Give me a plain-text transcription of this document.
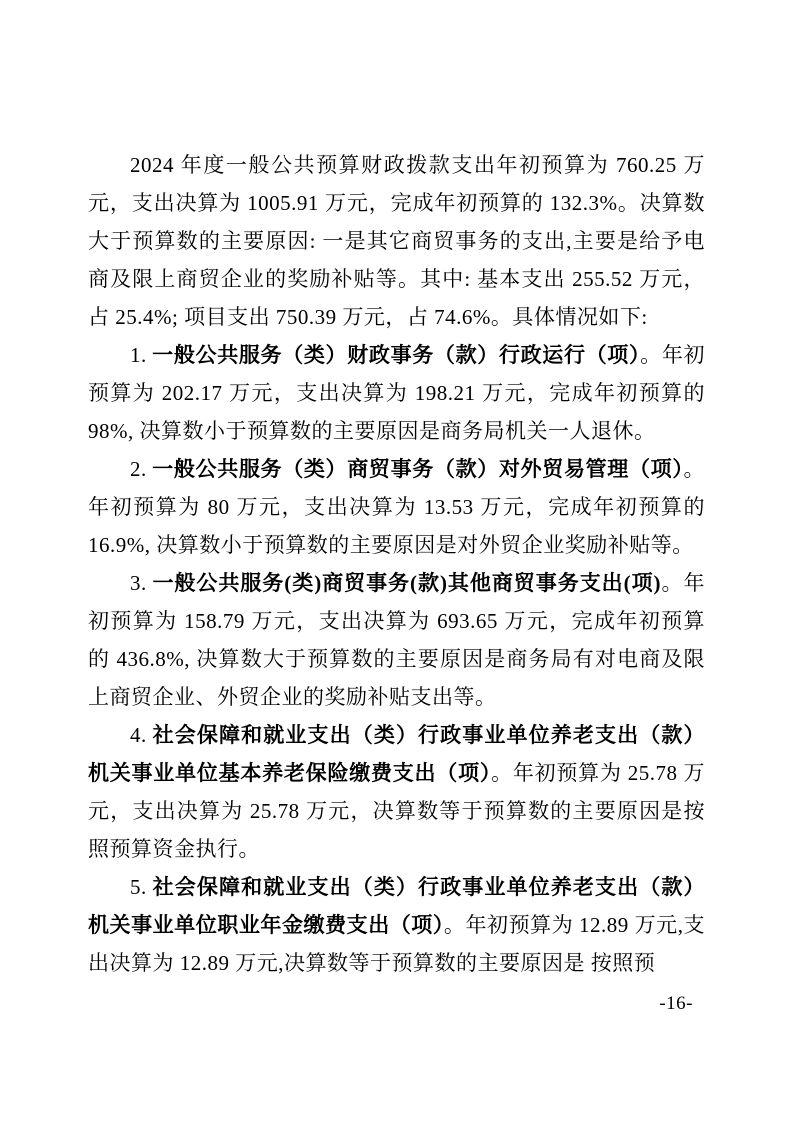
2024 年度一般公共预算财政拨款支出年初预算为 760.25 万元，支出决算为 1005.91 万元，完成年初预算的 132.3%。决算数大于预算数的主要原因: 一是其它商贸事务的支出,主要是给予电商及限上商贸企业的奖励补贴等。其中: 基本支出 255.52 万元，占 25.4%; 项目支出 750.39 万元，占 74.6%。具体情况如下:

1. 一般公共服务（类）财政事务（款）行政运行（项）。年初预算为 202.17 万元，支出决算为 198.21 万元，完成年初预算的 98%, 决算数小于预算数的主要原因是商务局机关一人退休。

2. 一般公共服务（类）商贸事务（款）对外贸易管理（项）。年初预算为 80 万元，支出决算为 13.53 万元，完成年初预算的 16.9%, 决算数小于预算数的主要原因是对外贸企业奖励补贴等。

3. 一般公共服务(类)商贸事务(款)其他商贸事务支出(项)。年初预算为 158.79 万元，支出决算为 693.65 万元，完成年初预算的 436.8%, 决算数大于预算数的主要原因是商务局有对电商及限上商贸企业、外贸企业的奖励补贴支出等。

4. 社会保障和就业支出（类）行政事业单位养老支出（款）机关事业单位基本养老保险缴费支出（项）。年初预算为 25.78 万元，支出决算为 25.78 万元，决算数等于预算数的主要原因是按照预算资金执行。

5. 社会保障和就业支出（类）行政事业单位养老支出（款）机关事业单位职业年金缴费支出（项）。年初预算为 12.89 万元,支出决算为 12.89 万元,决算数等于预算数的主要原因是 按照预

-16-
